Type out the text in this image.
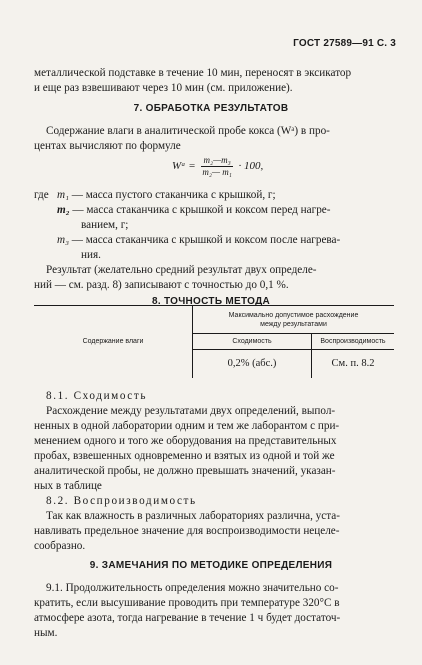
ГОСТ 27589—91 С. 3
металлической подставке в течение 10 мин, переносят в эксикатор
и еще раз взвешивают через 10 мин (см. приложение).
7. ОБРАБОТКА РЕЗУЛЬТАТОВ
Содержание влаги в аналитической пробе кокса (Wᵃ) в про-
центах вычисляют по формуле
Wᵃ = $\frac{\text{m₂—m₃}}{\text{m₂— m₁}} \cdot 100$,
где m₁ — масса пустого стаканчика с крышкой, г;
m₂ — масса стаканчика с крышкой и коксом перед нагре-
ванием, г;
m₃ — масса стаканчика с крышкой и коксом после нагрева-
ния.
Результат (желательно средний результат двух определе-
ний — см. разд. 8) записывают с точностью до 0,1 %.
8. ТОЧНОСТЬ МЕТОДА
Содержание влаги	Максимально допустимое расхождение между результатами	
	Сходимость	Воспроизводимость
	0,2% (абс.)	См. п. 8.2
8.1. Сходимость
Расхождение между результатами двух определений, выпол-
ненных в одной лаборатории одним и тем же лаборантом с при-
менением одного и того же оборудования на представительных
пробах, взвешенных одновременно и взятых из одной и той же
аналитической пробы, не должно превышать значений, указан-
ных в таблице
8.2. Воспроизводимость
Так как влажность в различных лабораториях различна, уста-
навливать предельное значение для воспроизводимости нецеле-
сообразно.
9. ЗАМЕЧАНИЯ ПО МЕТОДИКЕ ОПРЕДЕЛЕНИЯ
9.1. Продолжительность определения можно значительно со-
кратить, если высушивание проводить при температуре 320°С в
атмосфере азота, тогда нагревание в течение 1 ч будет достаточ-
ным.
